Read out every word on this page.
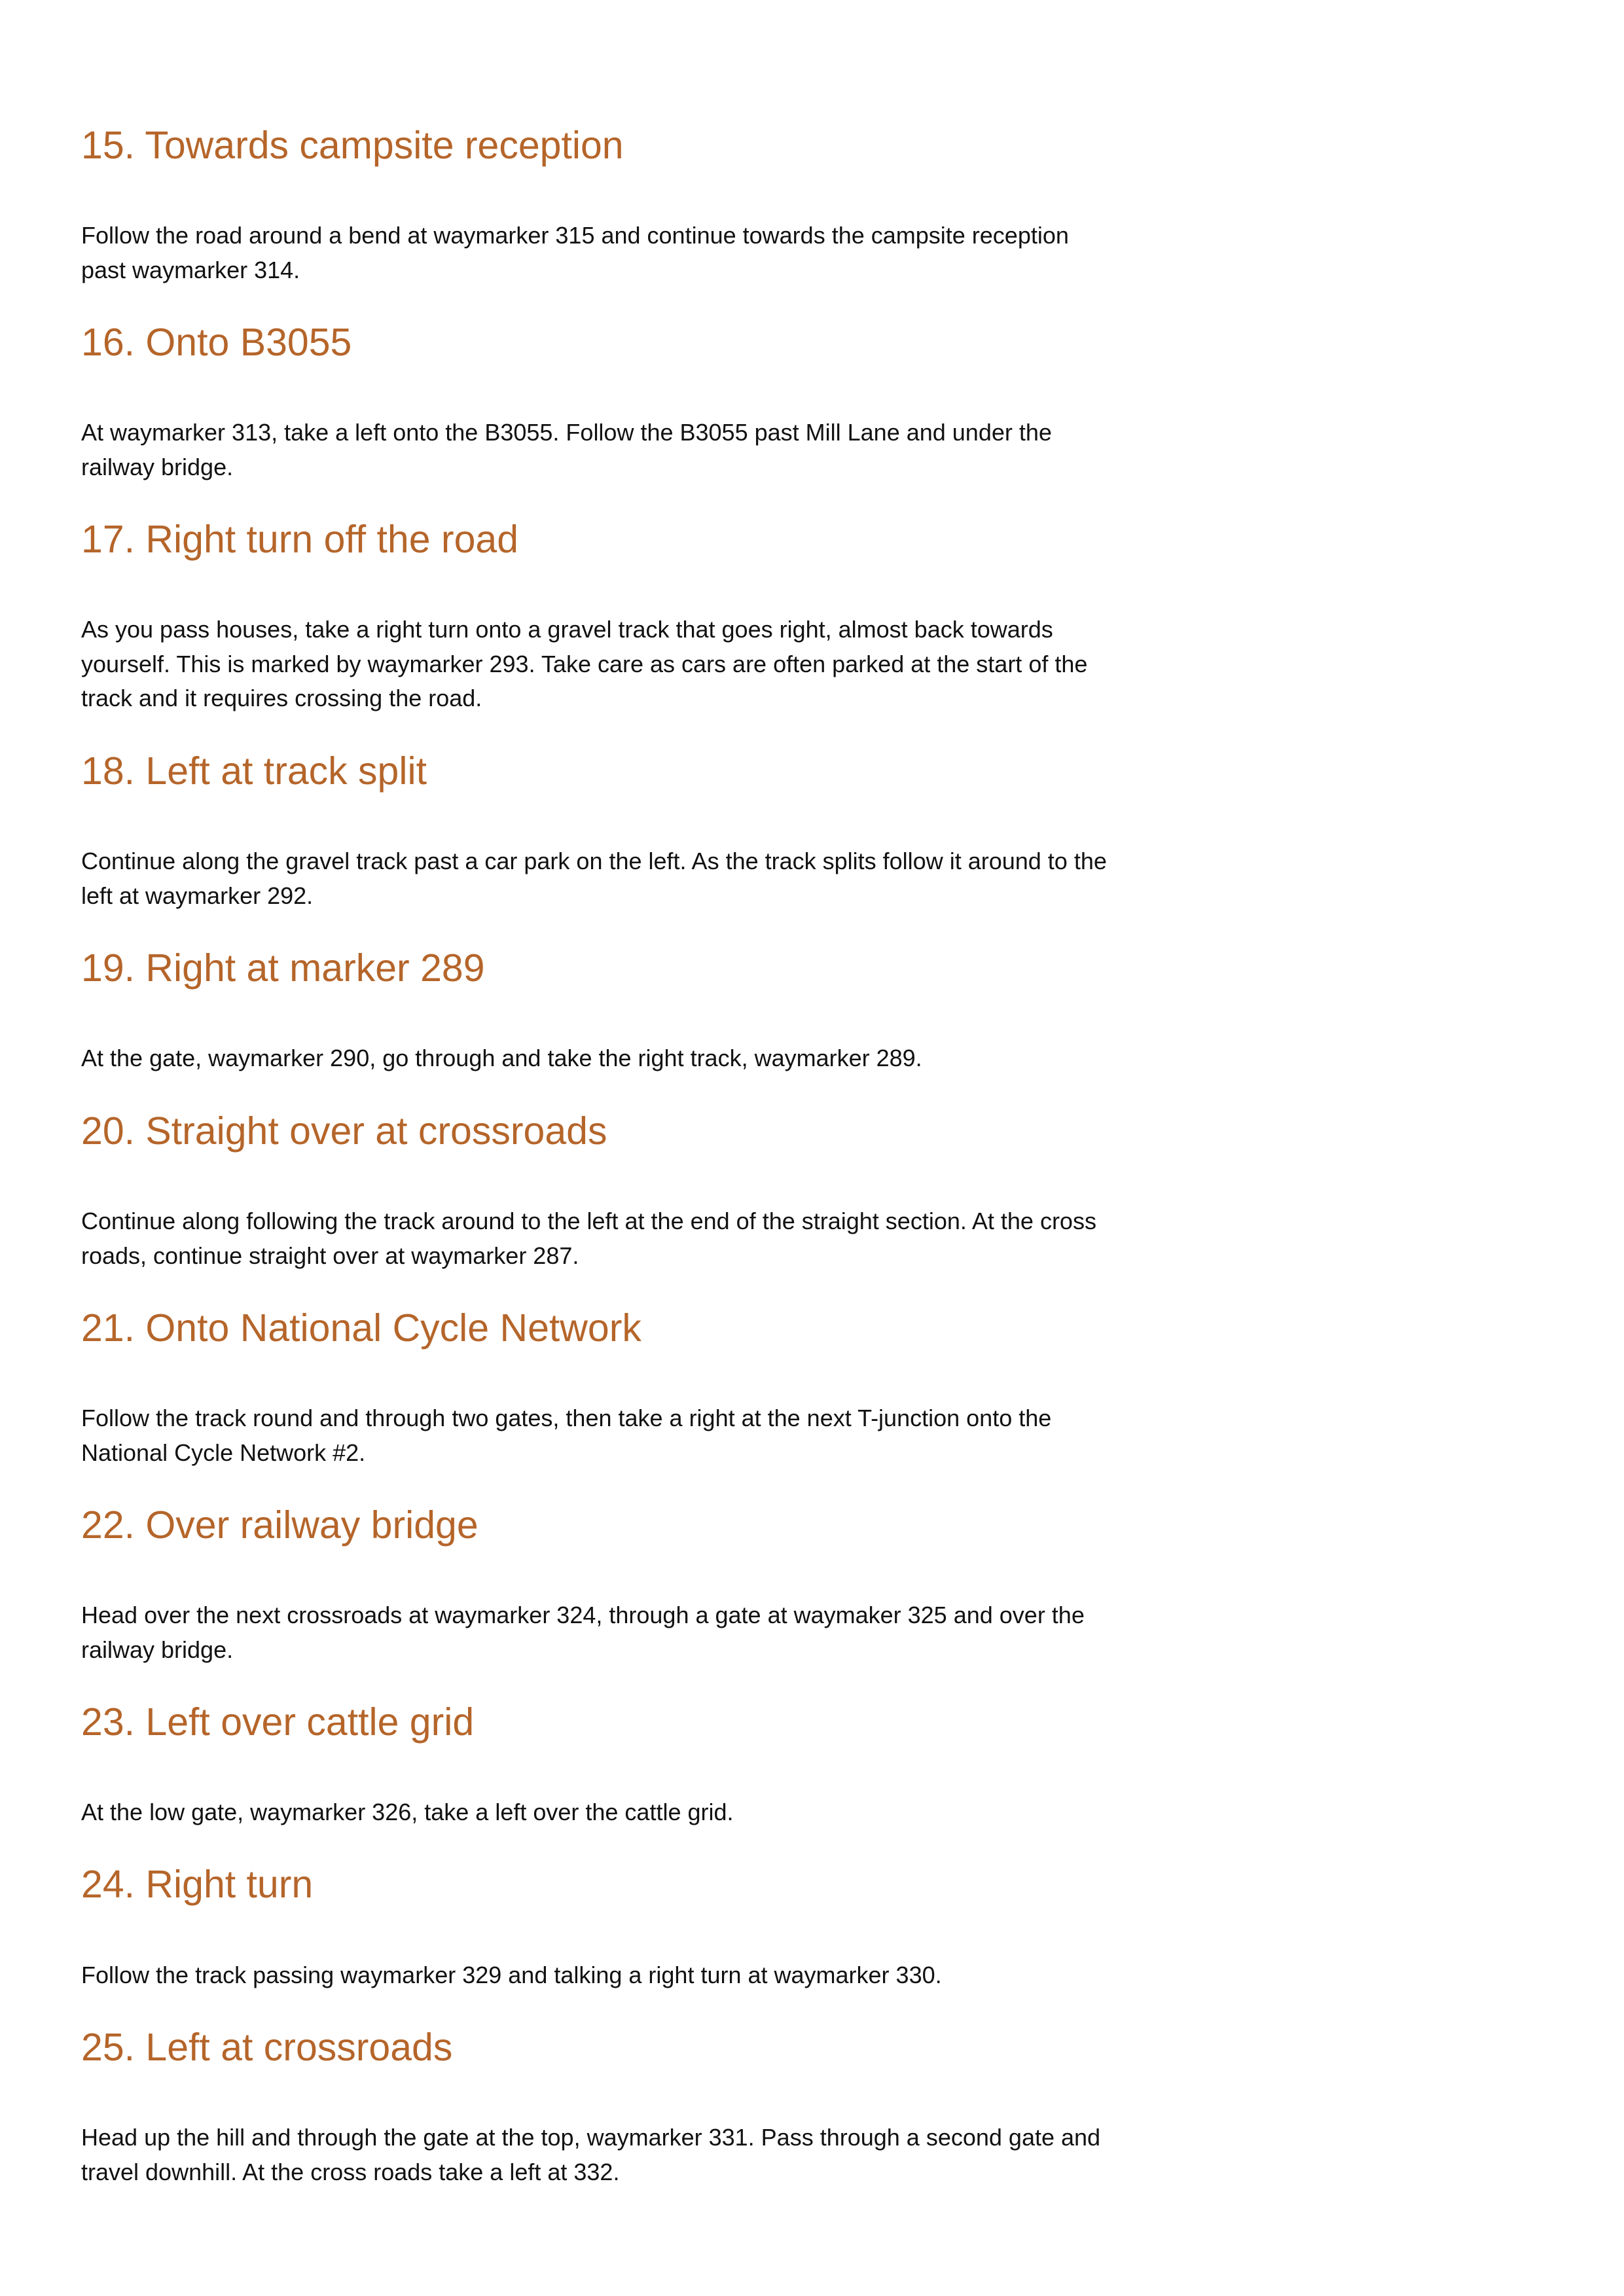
15. Towards campsite reception

Follow the road around a bend at waymarker 315 and continue towards the campsite reception past waymarker 314.

16. Onto B3055

At waymarker 313, take a left onto the B3055. Follow the B3055 past Mill Lane and under the railway bridge.

17. Right turn off the road

As you pass houses, take a right turn onto a gravel track that goes right, almost back towards yourself. This is marked by waymarker 293. Take care as cars are often parked at the start of the track and it requires crossing the road.

18. Left at track split

Continue along the gravel track past a car park on the left. As the track splits follow it around to the left at waymarker 292.

19. Right at marker 289

At the gate, waymarker 290, go through and take the right track, waymarker 289.

20. Straight over at crossroads

Continue along following the track around to the left at the end of the straight section. At the cross roads, continue straight over at waymarker 287.

21. Onto National Cycle Network

Follow the track round and through two gates, then take a right at the next T-junction onto the National Cycle Network #2.

22. Over railway bridge

Head over the next crossroads at waymarker 324, through a gate at waymaker 325 and over the railway bridge.

23. Left over cattle grid

At the low gate, waymarker 326, take a left over the cattle grid.

24. Right turn

Follow the track passing waymarker 329 and talking a right turn at waymarker 330.

25. Left at crossroads

Head up the hill and through the gate at the top, waymarker 331. Pass through a second gate and travel downhill. At the cross roads take a left at 332.
